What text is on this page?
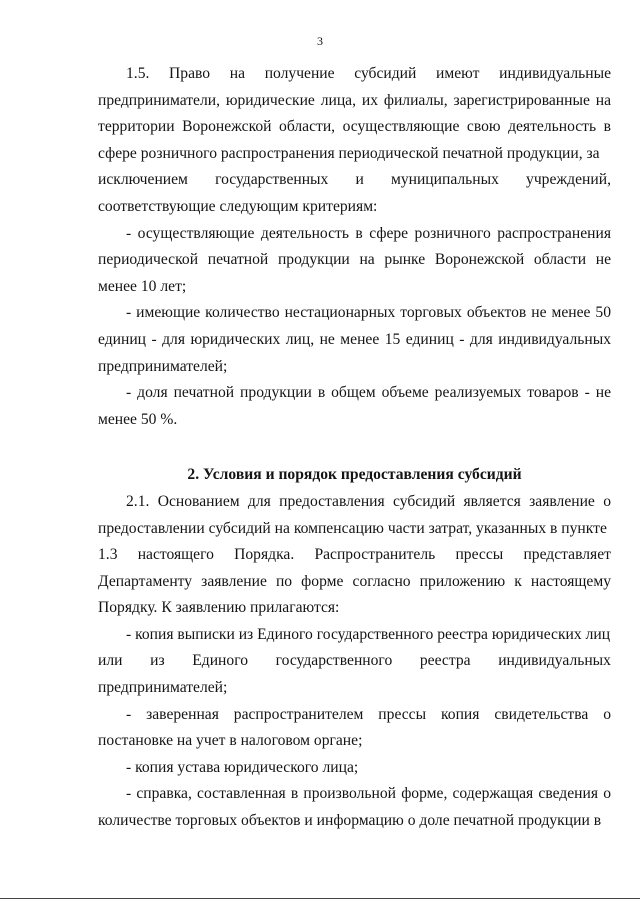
3
1.5. Право на получение субсидий имеют индивидуальные

предприниматели, юридические лица, их филиалы, зарегистрированные на территории Воронежской области, осуществляющие свою деятельность в сфере розничного распространения периодической печатной продукции, за

исключением государственных и муниципальных учреждений,

соответствующие следующим критериям:

- осуществляющие деятельность в сфере розничного распространения периодической печатной продукции на рынке Воронежской области не менее 10 лет;

- имеющие количество нестационарных торговых объектов не менее 50 единиц - для юридических лиц, не менее 15 единиц - для индивидуальных предпринимателей;

- доля печатной продукции в общем объеме реализуемых товаров - не менее 50 %.

2. Условия и порядок предоставления субсидий

2.1. Основанием для предоставления субсидий является заявление о предоставлении субсидий на компенсацию части затрат, указанных в пункте

1.3 настоящего Порядка. Распространитель прессы представляет

Департаменту заявление по форме согласно приложению к настоящему Порядку. К заявлению прилагаются:

- копия выписки из Единого государственного реестра юридических лиц

или из Единого государственного реестра индивидуальных

предпринимателей;

- заверенная распространителем прессы копия свидетельства о постановке на учет в налоговом органе;

- копия устава юридического лица;

- справка, составленная в произвольной форме, содержащая сведения о количестве торговых объектов и информацию о доле печатной продукции в
